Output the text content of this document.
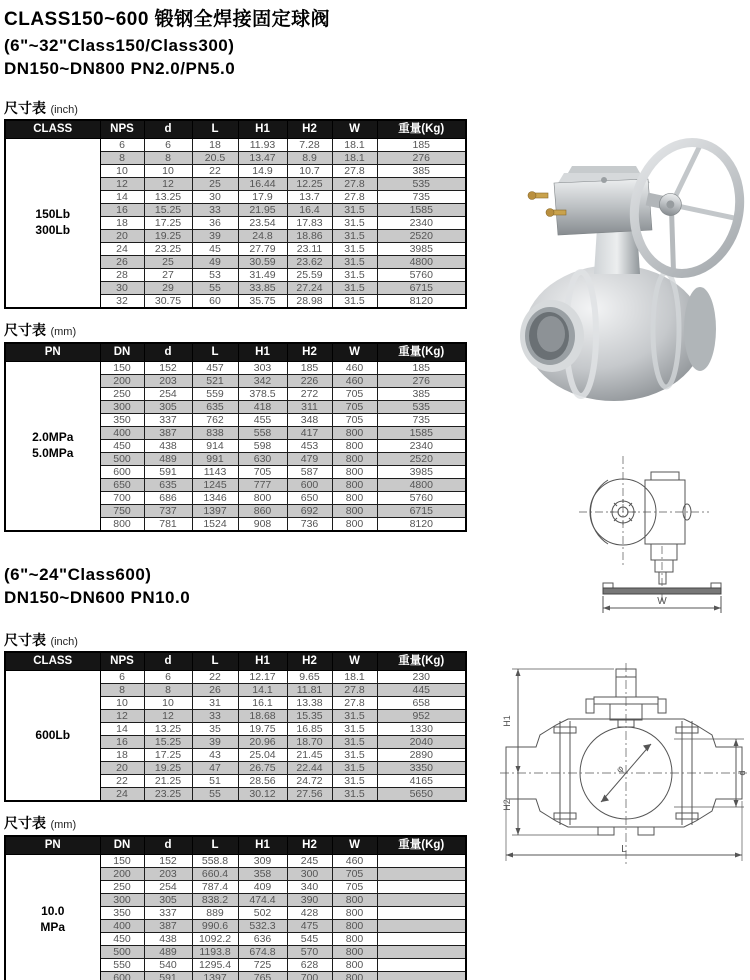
CLASS150~600 锻钢全焊接固定球阀
(6"~32"Class150/Class300)
DN150~DN800 PN2.0/PN5.0
尺寸表 (inch)
CLASS	NPS	d	L	H1	H2	W	重量(Kg)

150Lb
300Lb	6	6	18	11.93	7.28	18.1	185
	8	8	20.5	13.47	8.9	18.1	276
	10	10	22	14.9	10.7	27.8	385
	12	12	25	16.44	12.25	27.8	535
	14	13.25	30	17.9	13.7	27.8	735
	16	15.25	33	21.95	16.4	31.5	1585
	18	17.25	36	23.54	17.83	31.5	2340
	20	19.25	39	24.8	18.86	31.5	2520
	24	23.25	45	27.79	23.11	31.5	3985
	26	25	49	30.59	23.62	31.5	4800
	28	27	53	31.49	25.59	31.5	5760
	30	29	55	33.85	27.24	31.5	6715
	32	30.75	60	35.75	28.98	31.5	8120
尺寸表 (mm)
PN	DN	d	L	H1	H2	W	重量(Kg)

2.0MPa
5.0MPa	150	152	457	303	185	460	185
	200	203	521	342	226	460	276
	250	254	559	378.5	272	705	385
	300	305	635	418	311	705	535
	350	337	762	455	348	705	735
	400	387	838	558	417	800	1585
	450	438	914	598	453	800	2340
	500	489	991	630	479	800	2520
	600	591	1143	705	587	800	3985
	650	635	1245	777	600	800	4800
	700	686	1346	800	650	800	5760
	750	737	1397	860	692	800	6715
	800	781	1524	908	736	800	8120
(6"~24"Class600)
DN150~DN600 PN10.0
尺寸表 (inch)
CLASS	NPS	d	L	H1	H2	W	重量(Kg)

600Lb	6	6	22	12.17	9.65	18.1	230
	8	8	26	14.1	11.81	27.8	445
	10	10	31	16.1	13.38	27.8	658
	12	12	33	18.68	15.35	31.5	952
	14	13.25	35	19.75	16.85	31.5	1330
	16	15.25	39	20.96	18.70	31.5	2040
	18	17.25	43	25.04	21.45	31.5	2890
	20	19.25	47	26.75	22.44	31.5	3350
	22	21.25	51	28.56	24.72	31.5	4165
	24	23.25	55	30.12	27.56	31.5	5650
尺寸表 (mm)
PN	DN	d	L	H1	H2	W	重量(Kg)

10.0
MPa	150	152	558.8	309	245	460	
	200	203	660.4	358	300	705	
	250	254	787.4	409	340	705	
	300	305	838.2	474.4	390	800	
	350	337	889	502	428	800	
	400	387	990.6	532.3	475	800	
	450	438	1092.2	636	545	800	
	500	489	1193.8	674.8	570	800	
	550	540	1295.4	725	628	800	
	600	591	1397	765	700	800	
W
H1
H2
d
L
φ
